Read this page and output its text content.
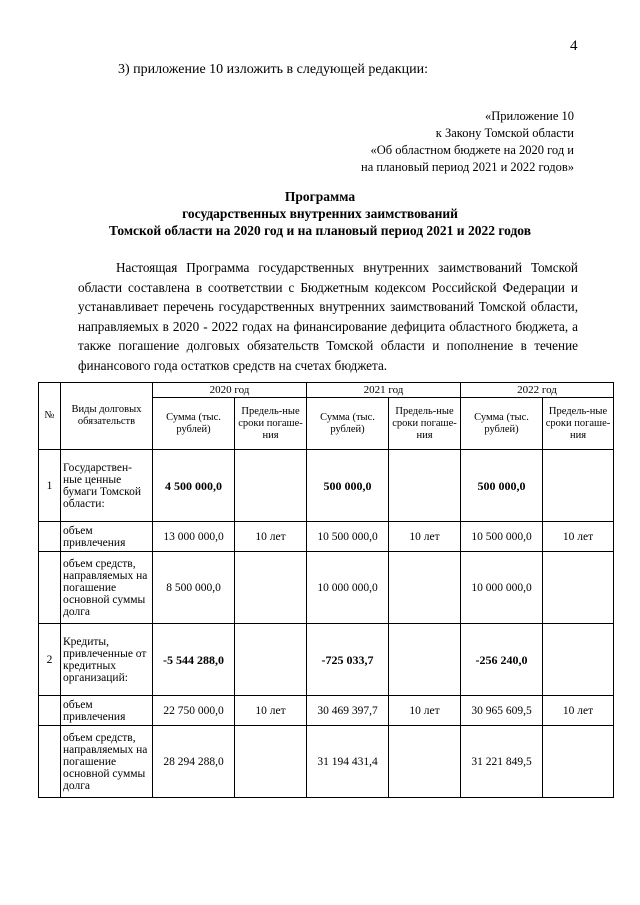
4
3) приложение 10 изложить в следующей редакции:
«Приложение 10
к Закону Томской области
«Об областном бюджете на 2020 год и
на плановый период 2021 и 2022 годов»
Программа
государственных внутренних заимствований
Томской области на 2020 год и на плановый период 2021 и 2022 годов

Настоящая Программа государственных внутренних заимствований Томской области составлена в соответствии с Бюджетным кодексом Российской Федерации и устанавливает перечень государственных внутренних заимствований Томской области, направляемых в 2020 - 2022 годах на финансирование дефицита областного бюджета, а также погашение долговых обязательств Томской области и пополнение в течение финансового года остатков средств на счетах бюджета.

№	Виды долговых обязательств	2020 год		2021 год		2022 год	
		Сумма (тыс. рублей)	Предель-ные сроки погаше-ния	Сумма (тыс. рублей)	Предель-ные сроки погаше-ния	Сумма (тыс. рублей)	Предель-ные сроки погаше-ния
1	Государствен-ные ценные бумаги Томской области:	4 500 000,0		500 000,0		500 000,0	
	объем привлечения	13 000 000,0	10 лет	10 500 000,0	10 лет	10 500 000,0	10 лет
	объем средств, направляемых на погашение основной суммы долга	8 500 000,0		10 000 000,0		10 000 000,0	
2	Кредиты, привлеченные от кредитных организаций:	-5 544 288,0		-725 033,7		-256 240,0	
	объем привлечения	22 750 000,0	10 лет	30 469 397,7	10 лет	30 965 609,5	10 лет
	объем средств, направляемых на погашение основной суммы долга	28 294 288,0		31 194 431,4		31 221 849,5	
